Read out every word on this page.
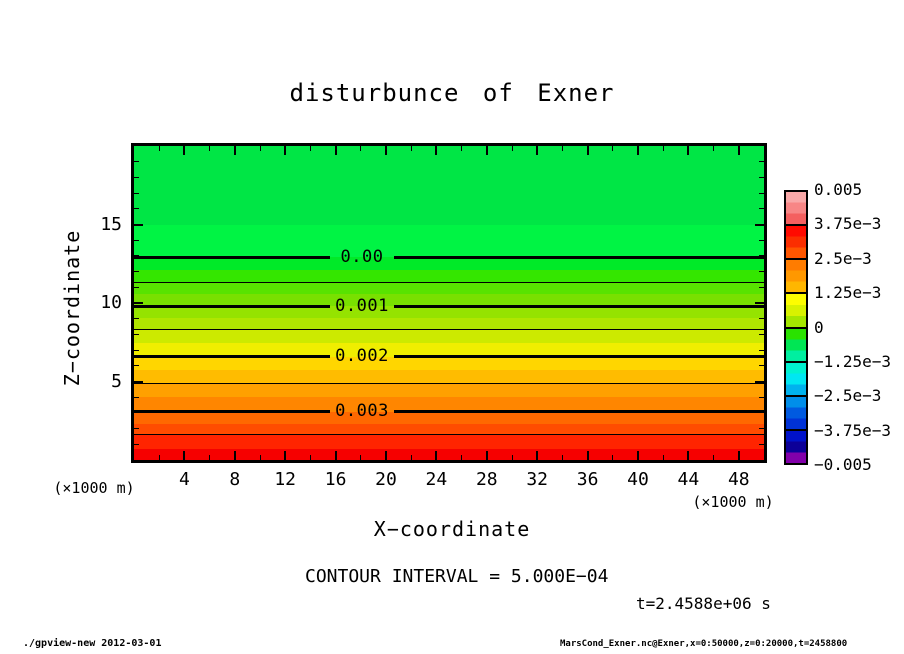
disturbunce of Exner
0.00
0.001
0.002
0.003
Z−coordinate
X−coordinate
(×1000 m)
(×1000 m)
4	8	12	16	20	24	28	32	36	40	44	48
5
10
15
0.005
3.75e−3
2.5e−3
1.25e−3
0
−1.25e−3
−2.5e−3
−3.75e−3
−0.005
CONTOUR INTERVAL = 5.000E−04
t=2.4588e+06 s
./gpview-new 2012-03-01	MarsCond_Exner.nc@Exner,x=0:50000,z=0:20000,t=2458800
